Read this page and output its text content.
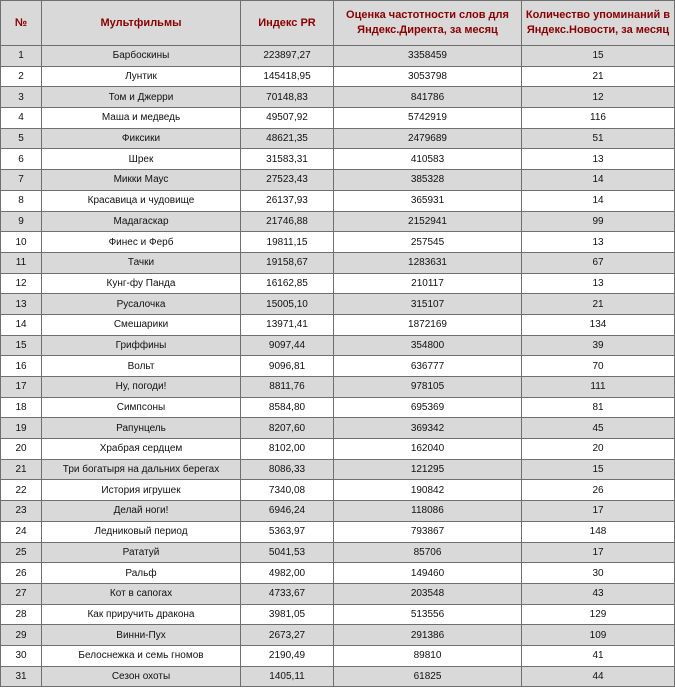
№	Мультфильмы	Индекс PR	Оценка частотности слов для Яндекс.Директа, за месяц	Количество упоминаний в Яндекс.Новости, за месяц
1	Барбоскины	223897,27	3358459	15
2	Лунтик	145418,95	3053798	21
3	Том и Джерри	70148,83	841786	12
4	Маша и медведь	49507,92	5742919	116
5	Фиксики	48621,35	2479689	51
6	Шрек	31583,31	410583	13
7	Микки Маус	27523,43	385328	14
8	Красавица и чудовище	26137,93	365931	14
9	Мадагаскар	21746,88	2152941	99
10	Финес и Ферб	19811,15	257545	13
11	Тачки	19158,67	1283631	67
12	Кунг-фу Панда	16162,85	210117	13
13	Русалочка	15005,10	315107	21
14	Смешарики	13971,41	1872169	134
15	Гриффины	9097,44	354800	39
16	Вольт	9096,81	636777	70
17	Ну, погоди!	8811,76	978105	111
18	Симпсоны	8584,80	695369	81
19	Рапунцель	8207,60	369342	45
20	Храбрая сердцем	8102,00	162040	20
21	Три богатыря на дальних берегах	8086,33	121295	15
22	История игрушек	7340,08	190842	26
23	Делай ноги!	6946,24	118086	17
24	Ледниковый период	5363,97	793867	148
25	Рататуй	5041,53	85706	17
26	Ральф	4982,00	149460	30
27	Кот в сапогах	4733,67	203548	43
28	Как приручить дракона	3981,05	513556	129
29	Винни-Пух	2673,27	291386	109
30	Белоснежка и семь гномов	2190,49	89810	41
31	Сезон охоты	1405,11	61825	44
